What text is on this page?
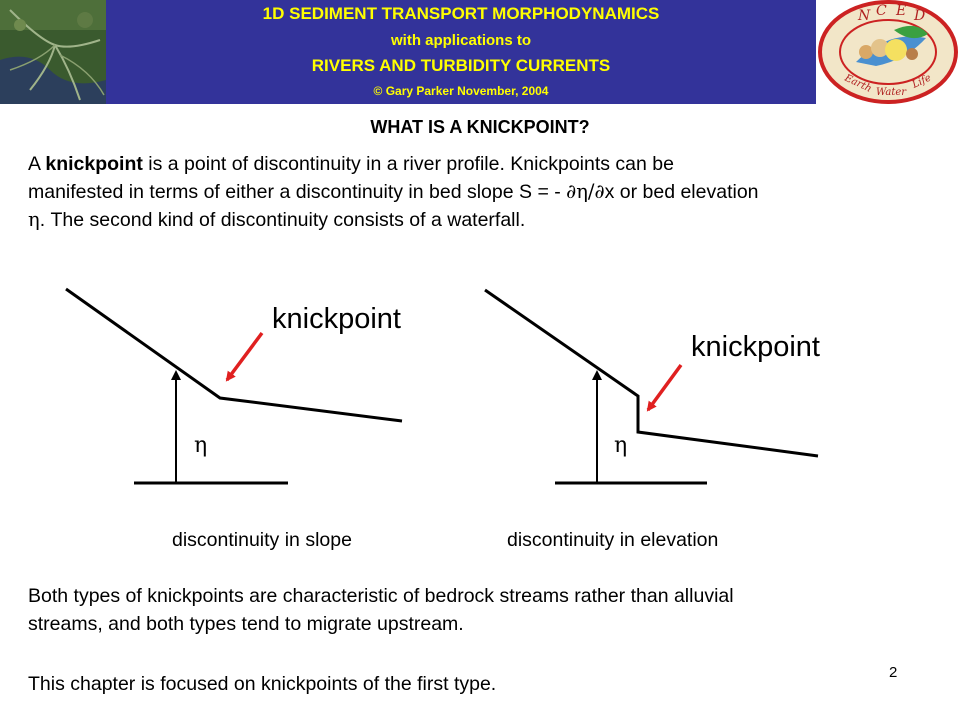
1D SEDIMENT TRANSPORT MORPHODYNAMICS
with applications to
RIVERS AND TURBIDITY CURRENTS
© Gary Parker November, 2004
N C E D
Earth Water
Life
WHAT IS A KNICKPOINT?
A knickpoint is a point of discontinuity in a river profile. Knickpoints can be
manifested in terms of either a discontinuity in bed slope S = - ∂η/∂x or bed elevation
η. The second kind of discontinuity consists of a waterfall.
η
knickpoint
η
knickpoint
discontinuity in slope	discontinuity in elevation
Both types of knickpoints are characteristic of bedrock streams rather than alluvial
streams, and both types tend to migrate upstream.
This chapter is focused on knickpoints of the first type.
2
